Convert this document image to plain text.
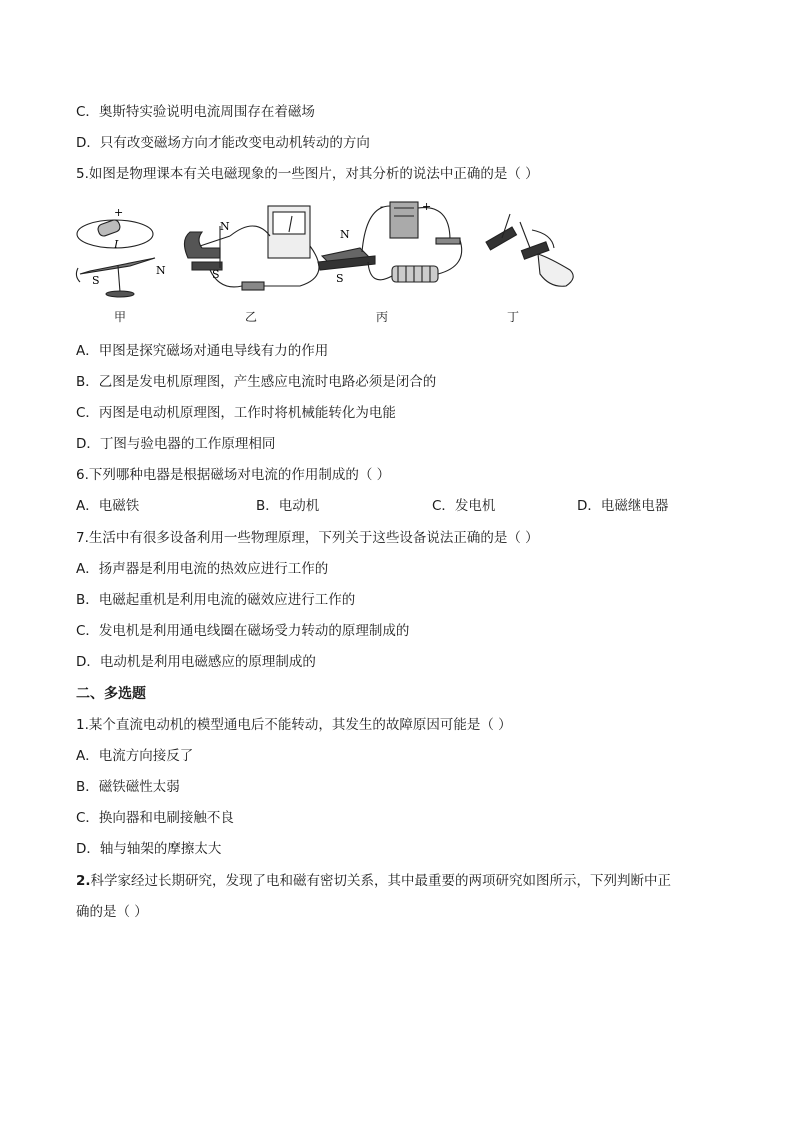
C．奥斯特实验说明电流周围存在着磁场
D．只有改变磁场方向才能改变电动机转动的方向
5.如图是物理课本有关电磁现象的一些图片，对其分析的说法中正确的是（ ）
+
I
S
N
N
S
N
S
-	+
甲	乙	丙	丁
A．甲图是探究磁场对通电导线有力的作用
B．乙图是发电机原理图，产生感应电流时电路必须是闭合的
C．丙图是电动机原理图，工作时将机械能转化为电能
D．丁图与验电器的工作原理相同
6.下列哪种电器是根据磁场对电流的作用制成的（ ）
A．电磁铁	B．电动机	C．发电机	D．电磁继电器
7.生活中有很多设备利用一些物理原理，下列关于这些设备说法正确的是（ ）
A．扬声器是利用电流的热效应进行工作的
B．电磁起重机是利用电流的磁效应进行工作的
C．发电机是利用通电线圈在磁场受力转动的原理制成的
D．电动机是利用电磁感应的原理制成的
二、多选题
1.某个直流电动机的模型通电后不能转动，其发生的故障原因可能是（ ）
A．电流方向接反了
B．磁铁磁性太弱
C．换向器和电刷接触不良
D．轴与轴架的摩擦太大
2.科学家经过长期研究，发现了电和磁有密切关系，其中最重要的两项研究如图所示，下列判断中正
确的是（ ）
